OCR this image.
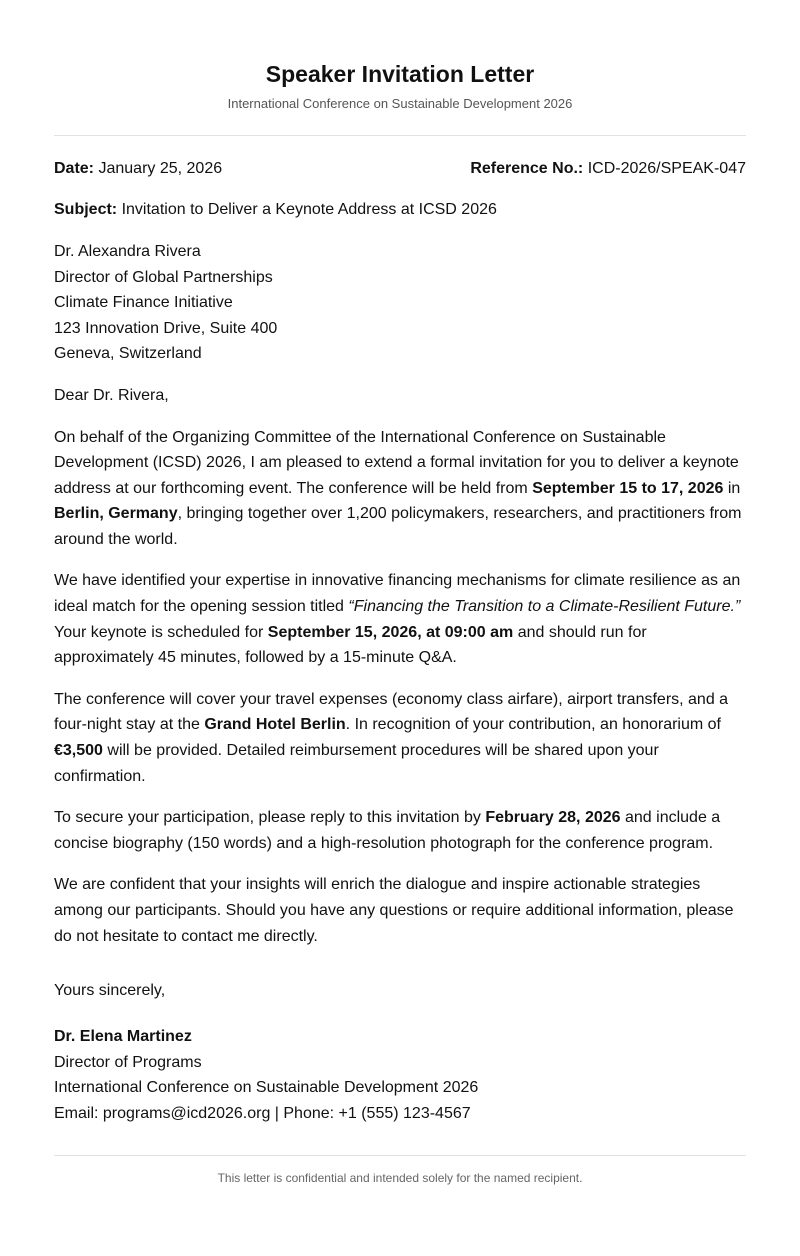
Speaker Invitation Letter
International Conference on Sustainable Development 2026
Date: January 25, 2026	Reference No.: ICD-2026/SPEAK-047
Subject: Invitation to Deliver a Keynote Address at ICSD 2026
Dr. Alexandra Rivera
Director of Global Partnerships
Climate Finance Initiative
123 Innovation Drive, Suite 400
Geneva, Switzerland
Dear Dr. Rivera,
On behalf of the Organizing Committee of the International Conference on Sustainable Development (ICSD) 2026, I am pleased to extend a formal invitation for you to deliver a keynote address at our forthcoming event. The conference will be held from September 15 to 17, 2026 in Berlin, Germany, bringing together over 1,200 policymakers, researchers, and practitioners from around the world.
We have identified your expertise in innovative financing mechanisms for climate resilience as an ideal match for the opening session titled “Financing the Transition to a Climate-Resilient Future.” Your keynote is scheduled for September 15, 2026, at 09:00 am and should run for approximately 45 minutes, followed by a 15-minute Q&A.
The conference will cover your travel expenses (economy class airfare), airport transfers, and a four-night stay at the Grand Hotel Berlin. In recognition of your contribution, an honorarium of €3,500 will be provided. Detailed reimbursement procedures will be shared upon your confirmation.
To secure your participation, please reply to this invitation by February 28, 2026 and include a concise biography (150 words) and a high-resolution photograph for the conference program.
We are confident that your insights will enrich the dialogue and inspire actionable strategies among our participants. Should you have any questions or require additional information, please do not hesitate to contact me directly.
Yours sincerely,
Dr. Elena Martinez
Director of Programs
International Conference on Sustainable Development 2026
Email: programs@icd2026.org | Phone: +1 (555) 123-4567
This letter is confidential and intended solely for the named recipient.
